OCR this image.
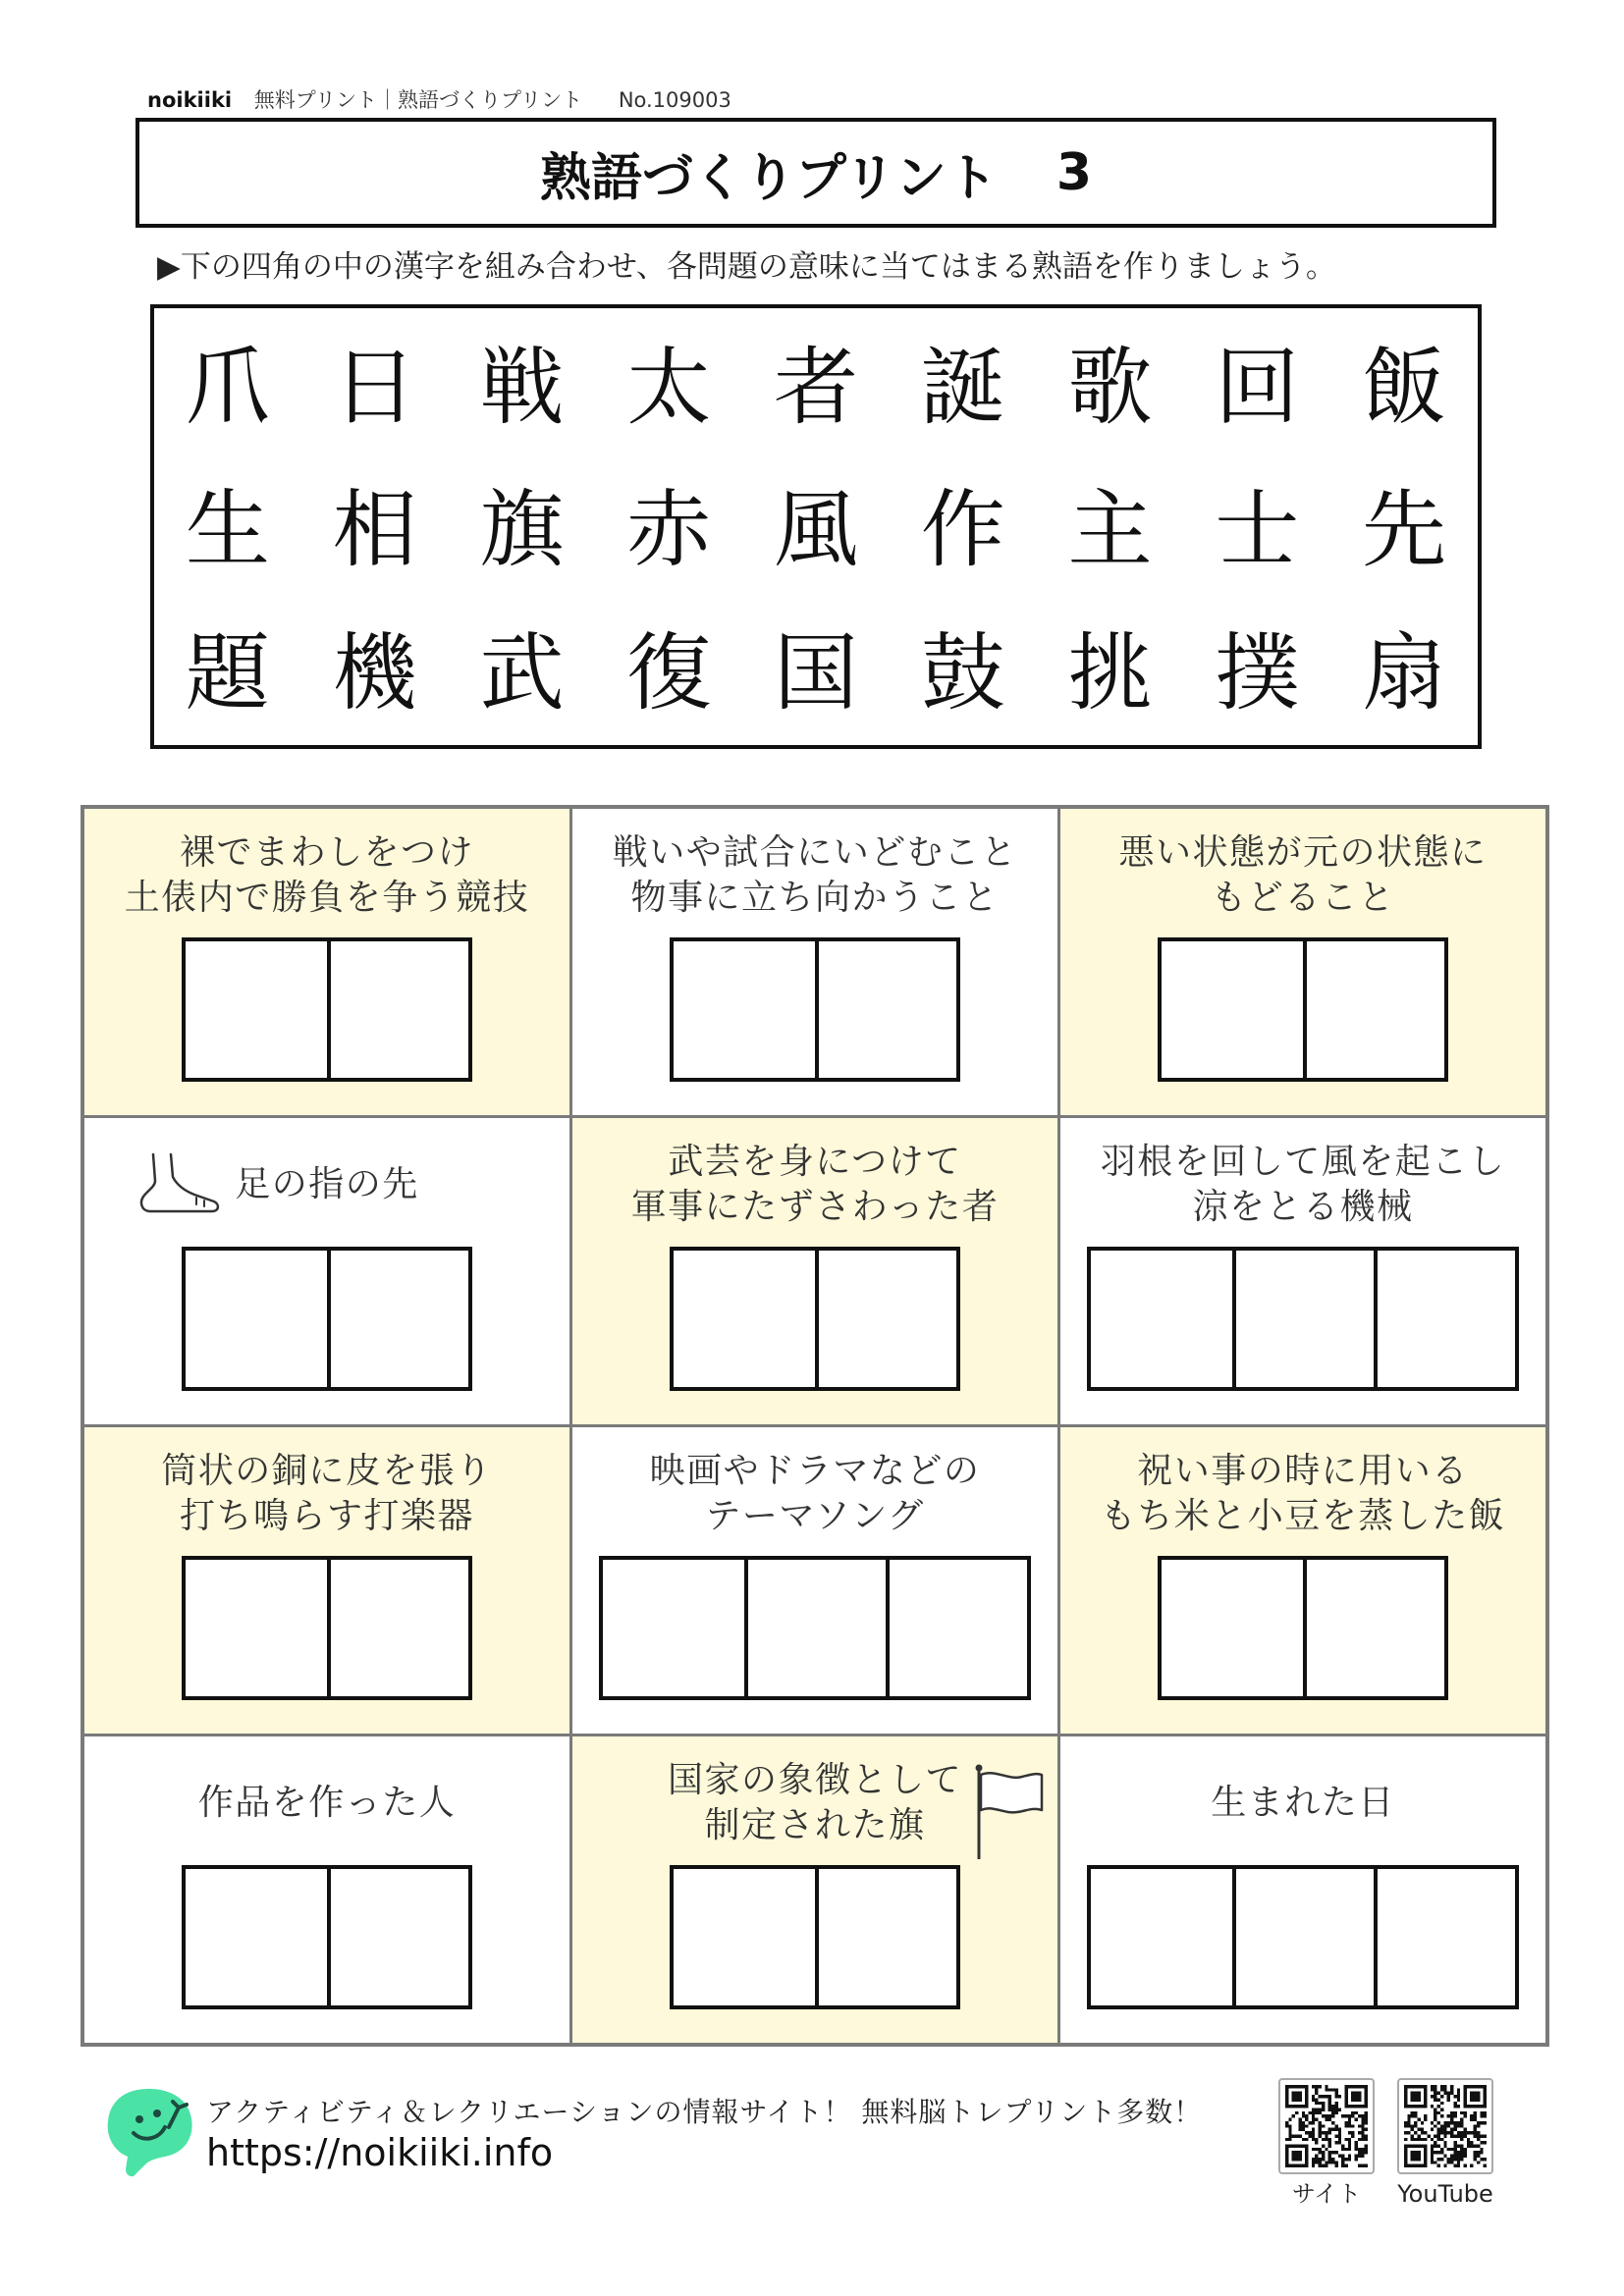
noikiiki 無料プリント｜熟語づくりプリント No.109003
熟語づくりプリント 3
▶下の四角の中の漢字を組み合わせ、各問題の意味に当てはまる熟語を作りましょう。
爪 日 戦 太 者 誕 歌 回 飯
生 相 旗 赤 風 作 主 士 先
題 機 武 復 国 鼓 挑 撲 扇
裸でまわしをつけ
土俵内で勝負を争う競技
戦いや試合にいどむこと
物事に立ち向かうこと
悪い状態が元の状態に
もどること
足の指の先
武芸を身につけて
軍事にたずさわった者
羽根を回して風を起こし
涼をとる機械
筒状の銅に皮を張り
打ち鳴らす打楽器
映画やドラマなどの
テーマソング
祝い事の時に用いる
もち米と小豆を蒸した飯
作品を作った人
国家の象徴として
制定された旗
生まれた日
アクティビティ＆レクリエーションの情報サイト！ 無料脳トレプリント多数！
https://noikiiki.info
サイト	YouTube
